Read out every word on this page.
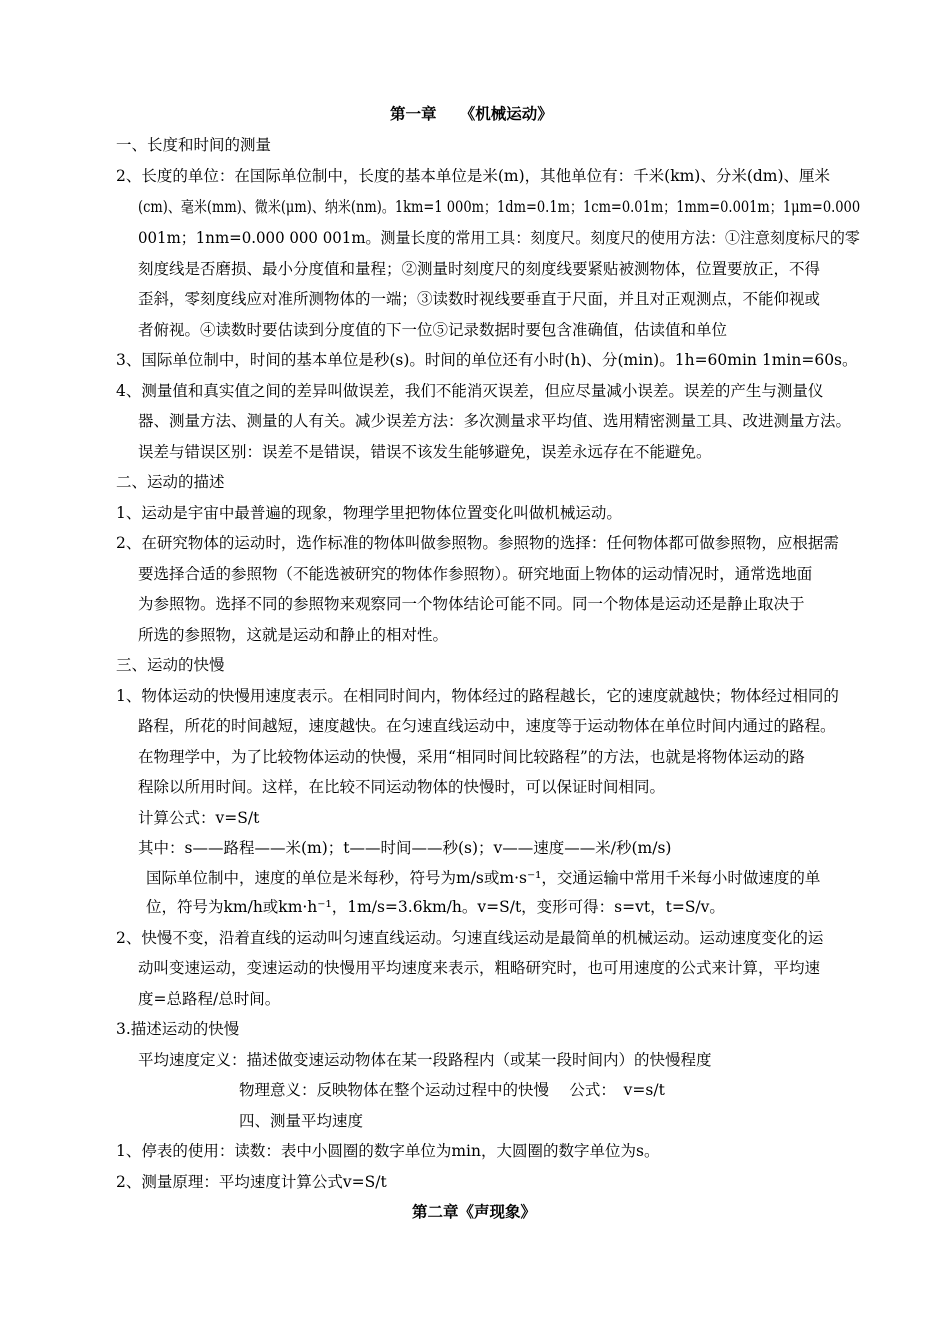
第一章　　《机械运动》
一、长度和时间的测量
2、长度的单位：在国际单位制中，长度的基本单位是米(m)，其他单位有：千米(km)、分米(dm)、厘米
(cm)、毫米(mm)、微米(μm)、纳米(nm)。1km=1 000m；1dm=0.1m；1cm=0.01m；1mm=0.001m；1μm=0.000
001m；1nm=0.000 000 001m。测量长度的常用工具：刻度尺。刻度尺的使用方法：①注意刻度标尺的零
刻度线是否磨损、最小分度值和量程；②测量时刻度尺的刻度线要紧贴被测物体，位置要放正，不得
歪斜，零刻度线应对准所测物体的一端；③读数时视线要垂直于尺面，并且对正观测点，不能仰视或
者俯视。④读数时要估读到分度值的下一位⑤记录数据时要包含准确值，估读值和单位
3、国际单位制中，时间的基本单位是秒(s)。时间的单位还有小时(h)、分(min)。1h=60min 1min=60s。
4、测量值和真实值之间的差异叫做误差，我们不能消灭误差，但应尽量减小误差。误差的产生与测量仪
器、测量方法、测量的人有关。减少误差方法：多次测量求平均值、选用精密测量工具、改进测量方法。
误差与错误区别：误差不是错误，错误不该发生能够避免，误差永远存在不能避免。
二、运动的描述
1、运动是宇宙中最普遍的现象，物理学里把物体位置变化叫做机械运动。
2、在研究物体的运动时，选作标准的物体叫做参照物。参照物的选择：任何物体都可做参照物，应根据需
要选择合适的参照物（不能选被研究的物体作参照物）。研究地面上物体的运动情况时，通常选地面
为参照物。选择不同的参照物来观察同一个物体结论可能不同。同一个物体是运动还是静止取决于
所选的参照物，这就是运动和静止的相对性。
三、运动的快慢
1、物体运动的快慢用速度表示。在相同时间内，物体经过的路程越长，它的速度就越快；物体经过相同的
路程，所花的时间越短，速度越快。在匀速直线运动中，速度等于运动物体在单位时间内通过的路程。
在物理学中，为了比较物体运动的快慢，采用“相同时间比较路程”的方法，也就是将物体运动的路
程除以所用时间。这样，在比较不同运动物体的快慢时，可以保证时间相同。
计算公式：v=S/t
其中：s——路程——米(m)；t——时间——秒(s)；v——速度——米/秒(m/s)
国际单位制中，速度的单位是米每秒，符号为m/s或m·s⁻¹，交通运输中常用千米每小时做速度的单
位，符号为km/h或km·h⁻¹，1m/s=3.6km/h。v=S/t，变形可得：s=vt，t=S/v。
2、快慢不变，沿着直线的运动叫匀速直线运动。匀速直线运动是最简单的机械运动。运动速度变化的运
动叫变速运动，变速运动的快慢用平均速度来表示，粗略研究时，也可用速度的公式来计算，平均速
度=总路程/总时间。
3.描述运动的快慢
平均速度定义：描述做变速运动物体在某一段路程内（或某一段时间内）的快慢程度
物理意义：反映物体在整个运动过程中的快慢　 公式：　v=s/t
四、测量平均速度
1、停表的使用：读数：表中小圆圈的数字单位为min，大圆圈的数字单位为s。
2、测量原理：平均速度计算公式v=S/t
第二章《声现象》
